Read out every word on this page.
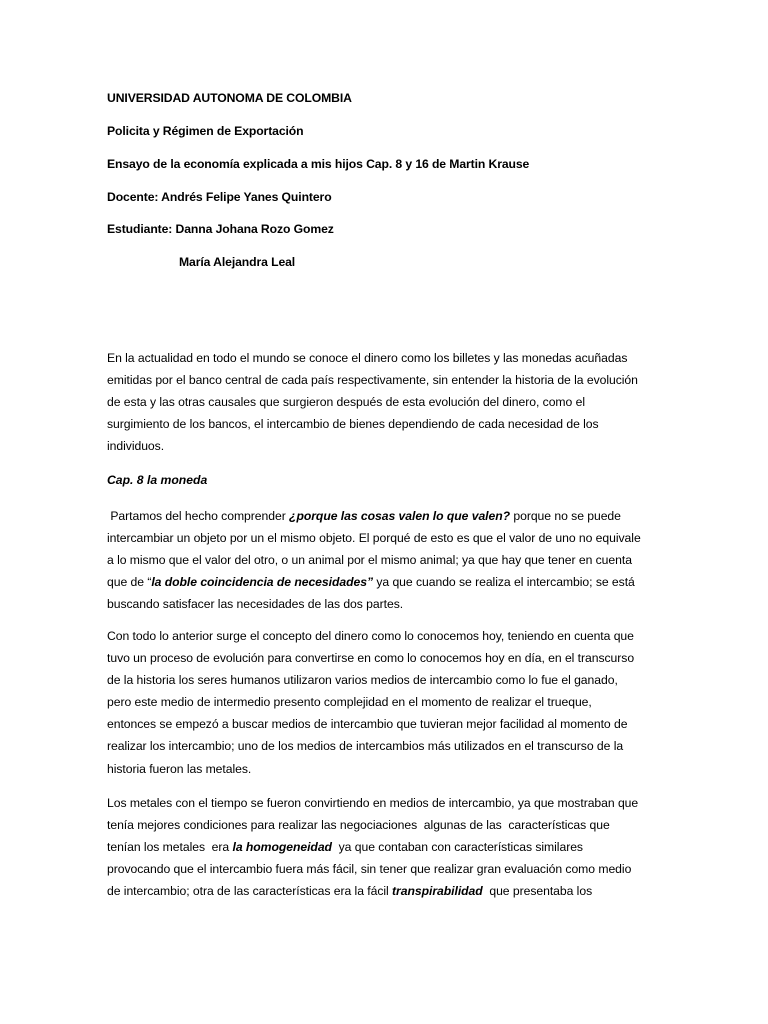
UNIVERSIDAD AUTONOMA DE COLOMBIA
Policita y Régimen de Exportación
Ensayo de la economía explicada a mis hijos Cap. 8 y 16 de Martin Krause
Docente: Andrés Felipe Yanes Quintero
Estudiante: Danna Johana Rozo Gomez
María Alejandra Leal
En la actualidad en todo el mundo se conoce el dinero como los billetes y las monedas acuñadas
emitidas por el banco central de cada país respectivamente, sin entender la historia de la evolución
de esta y las otras causales que surgieron después de esta evolución del dinero, como el
surgimiento de los bancos, el intercambio de bienes dependiendo de cada necesidad de los
individuos.
Cap. 8 la moneda
Partamos del hecho comprender ¿porque las cosas valen lo que valen? porque no se puede
intercambiar un objeto por un el mismo objeto. El porqué de esto es que el valor de uno no equivale
a lo mismo que el valor del otro, o un animal por el mismo animal; ya que hay que tener en cuenta
que de “la doble coincidencia de necesidades” ya que cuando se realiza el intercambio; se está
buscando satisfacer las necesidades de las dos partes.
Con todo lo anterior surge el concepto del dinero como lo conocemos hoy, teniendo en cuenta que
tuvo un proceso de evolución para convertirse en como lo conocemos hoy en día, en el transcurso
de la historia los seres humanos utilizaron varios medios de intercambio como lo fue el ganado,
pero este medio de intermedio presento complejidad en el momento de realizar el trueque,
entonces se empezó a buscar medios de intercambio que tuvieran mejor facilidad al momento de
realizar los intercambio; uno de los medios de intercambios más utilizados en el transcurso de la
historia fueron las metales.
Los metales con el tiempo se fueron convirtiendo en medios de intercambio, ya que mostraban que
tenía mejores condiciones para realizar las negociaciones  algunas de las  características que
tenían los metales  era la homogeneidad  ya que contaban con características similares
provocando que el intercambio fuera más fácil, sin tener que realizar gran evaluación como medio
de intercambio; otra de las características era la fácil transpirabilidad  que presentaba los
